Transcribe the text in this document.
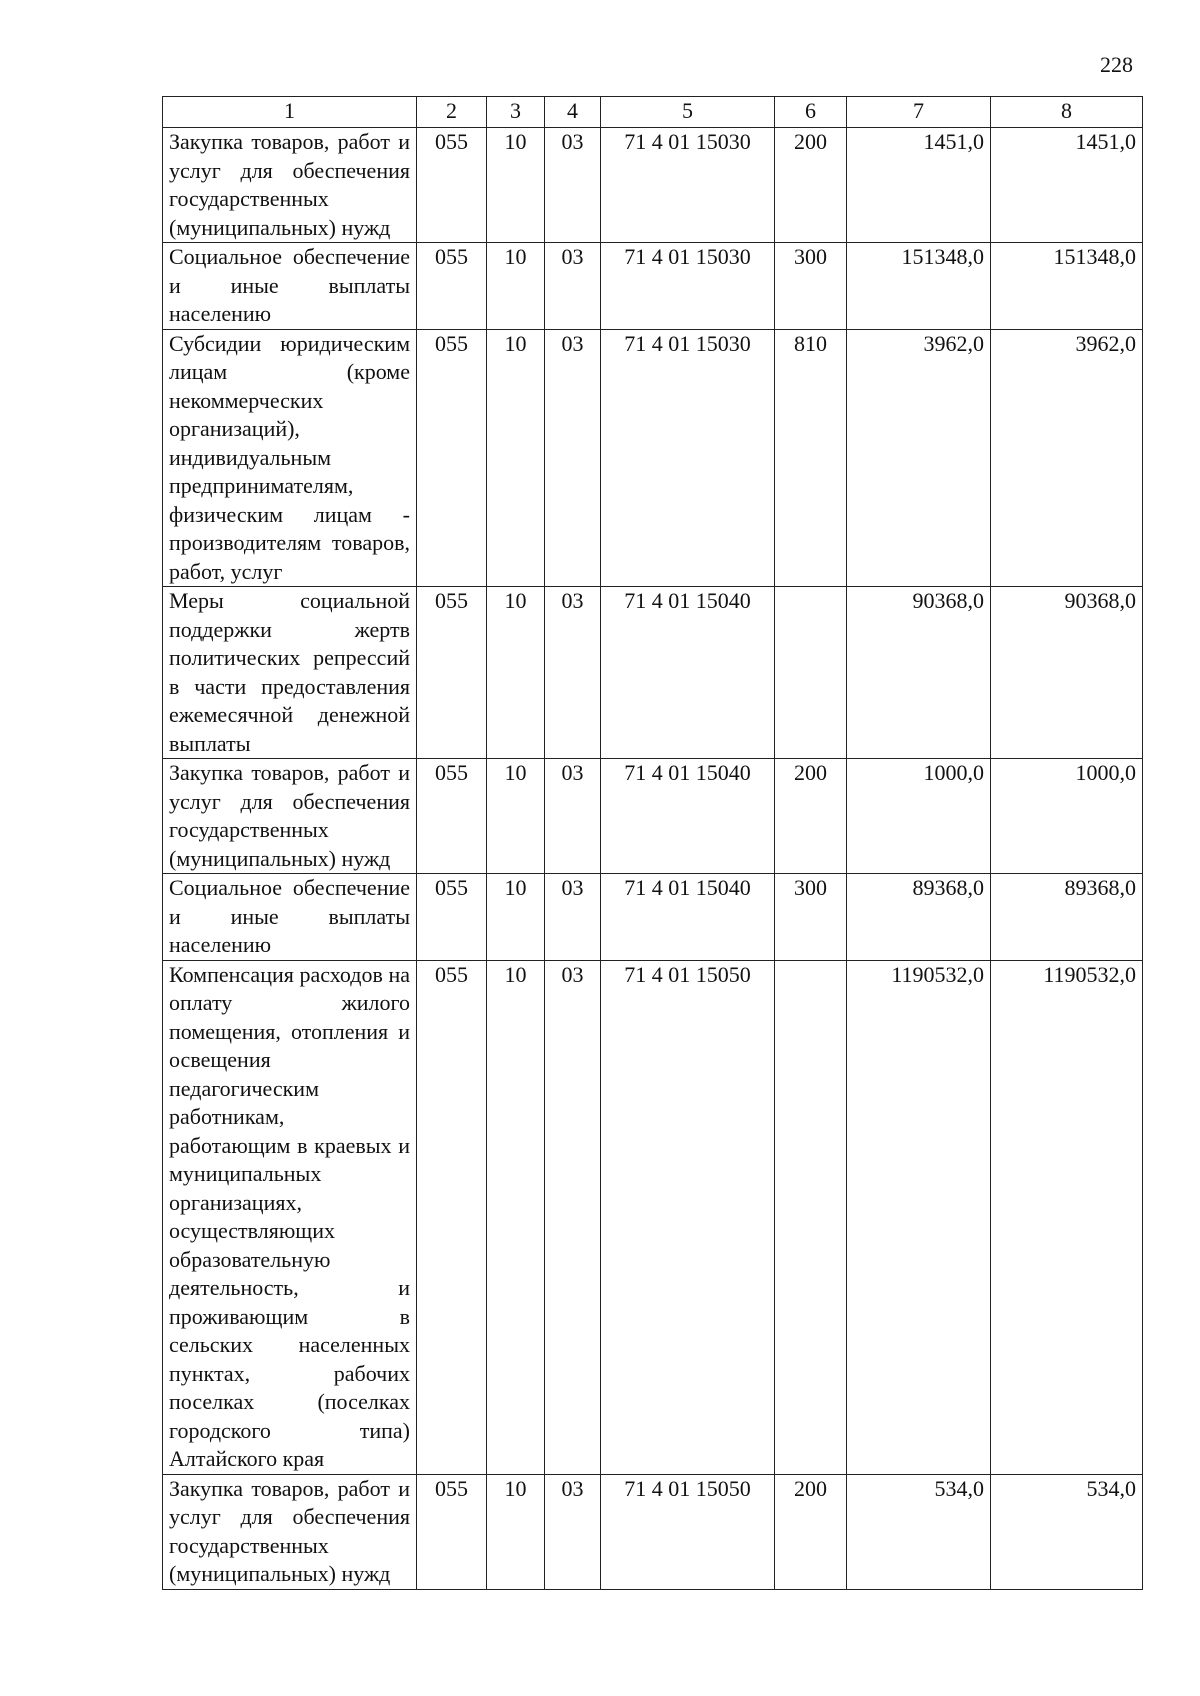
228
1	2	3	4	5	6	7	8
Закупка товаров, работ и услуг для обеспечения государственных (муниципальных) нужд	055	10	03	71 4 01 15030	200	1451,0	1451,0
Социальное обеспечение и иные выплаты населению	055	10	03	71 4 01 15030	300	151348,0	151348,0
Субсидии юридическим лицам (кроме некоммерческих организаций), индивидуальным предпринимателям, физическим лицам - производителям товаров, работ, услуг	055	10	03	71 4 01 15030	810	3962,0	3962,0
Меры социальной поддержки жертв политических репрессий в части предоставления ежемесячной денежной выплаты	055	10	03	71 4 01 15040		90368,0	90368,0
Закупка товаров, работ и услуг для обеспечения государственных (муниципальных) нужд	055	10	03	71 4 01 15040	200	1000,0	1000,0
Социальное обеспечение и иные выплаты населению	055	10	03	71 4 01 15040	300	89368,0	89368,0
Компенсация расходов на оплату жилого помещения, отопления и освещения педагогическим работникам, работающим в краевых и муниципальных организациях, осуществляющих образовательную деятельность, и проживающим в сельских населенных пунктах, рабочих поселках (поселках городского типа) Алтайского края	055	10	03	71 4 01 15050		1190532,0	1190532,0
Закупка товаров, работ и услуг для обеспечения государственных (муниципальных) нужд	055	10	03	71 4 01 15050	200	534,0	534,0
